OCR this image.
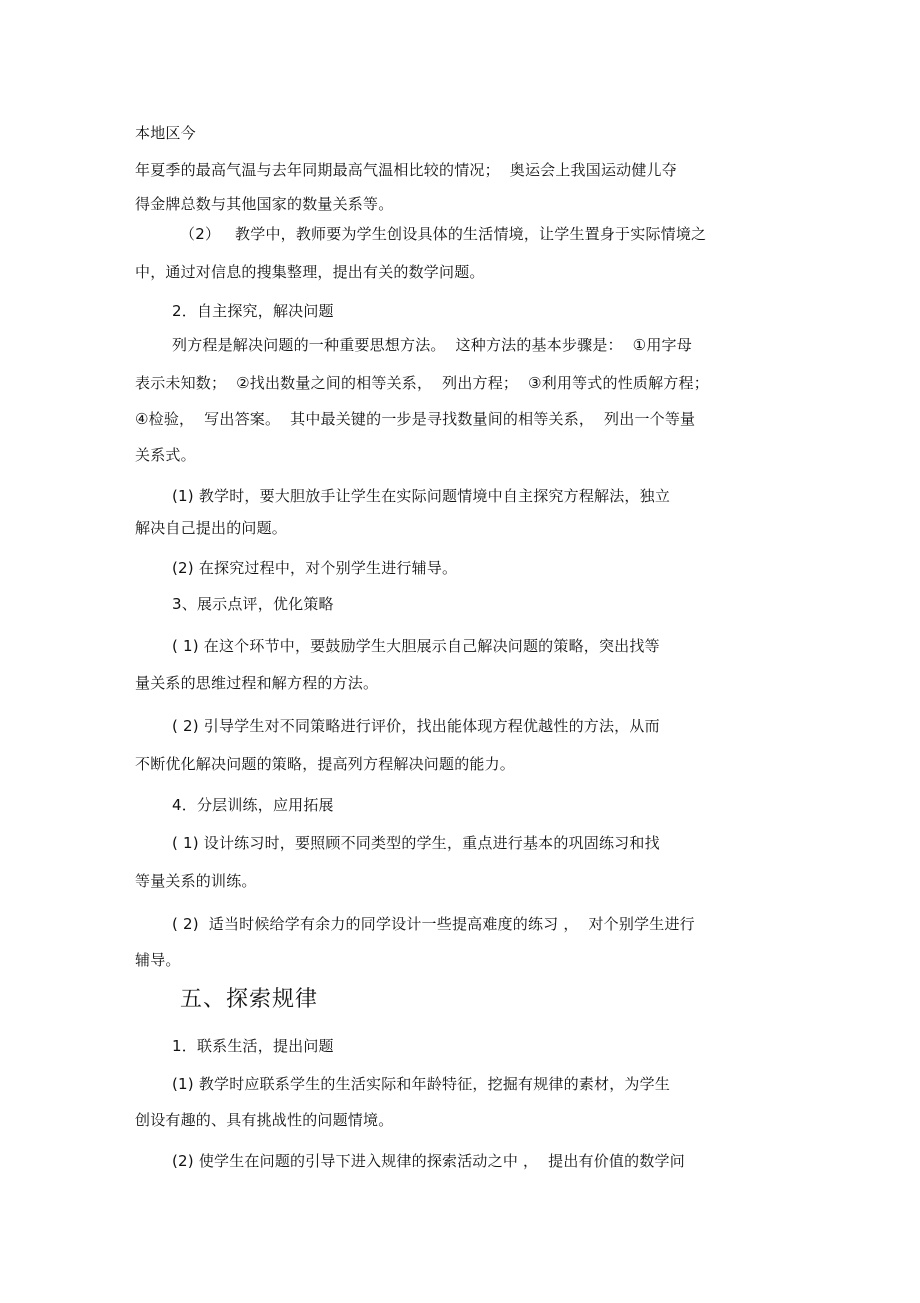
本地区今
年夏季的最高气温与去年同期最高气温相比较的情况；  奥运会上我国运动健儿夺
得金牌总数与其他国家的数量关系等。
（2）   教学中，教师要为学生创设具体的生活情境，让学生置身于实际情境之
中，通过对信息的搜集整理，提出有关的数学问题。
2．自主探究，解决问题
列方程是解决问题的一种重要思想方法。  这种方法的基本步骤是：  ①用字母
表示未知数；  ②找出数量之间的相等关系，  列出方程；  ③利用等式的性质解方程；
④检验，  写出答案。  其中最关键的一步是寻找数量间的相等关系，  列出一个等量
关系式。
(1) 教学时，要大胆放手让学生在实际问题情境中自主探究方程解法，独立
解决自己提出的问题。
(2) 在探究过程中，对个别学生进行辅导。
3、展示点评，优化策略
( 1) 在这个环节中，要鼓励学生大胆展示自己解决问题的策略，突出找等
量关系的思维过程和解方程的方法。
( 2) 引导学生对不同策略进行评价，找出能体现方程优越性的方法，从而
不断优化解决问题的策略，提高列方程解决问题的能力。
4．分层训练，应用拓展
( 1) 设计练习时，要照顾不同类型的学生，重点进行基本的巩固练习和找
等量关系的训练。
( 2)  适当时候给学有余力的同学设计一些提高难度的练习 ，  对个别学生进行
辅导。
五、探索规律
1．联系生活，提出问题
(1) 教学时应联系学生的生活实际和年龄特征，挖掘有规律的素材，为学生
创设有趣的、具有挑战性的问题情境。
(2) 使学生在问题的引导下进入规律的探索活动之中 ，  提出有价值的数学问
